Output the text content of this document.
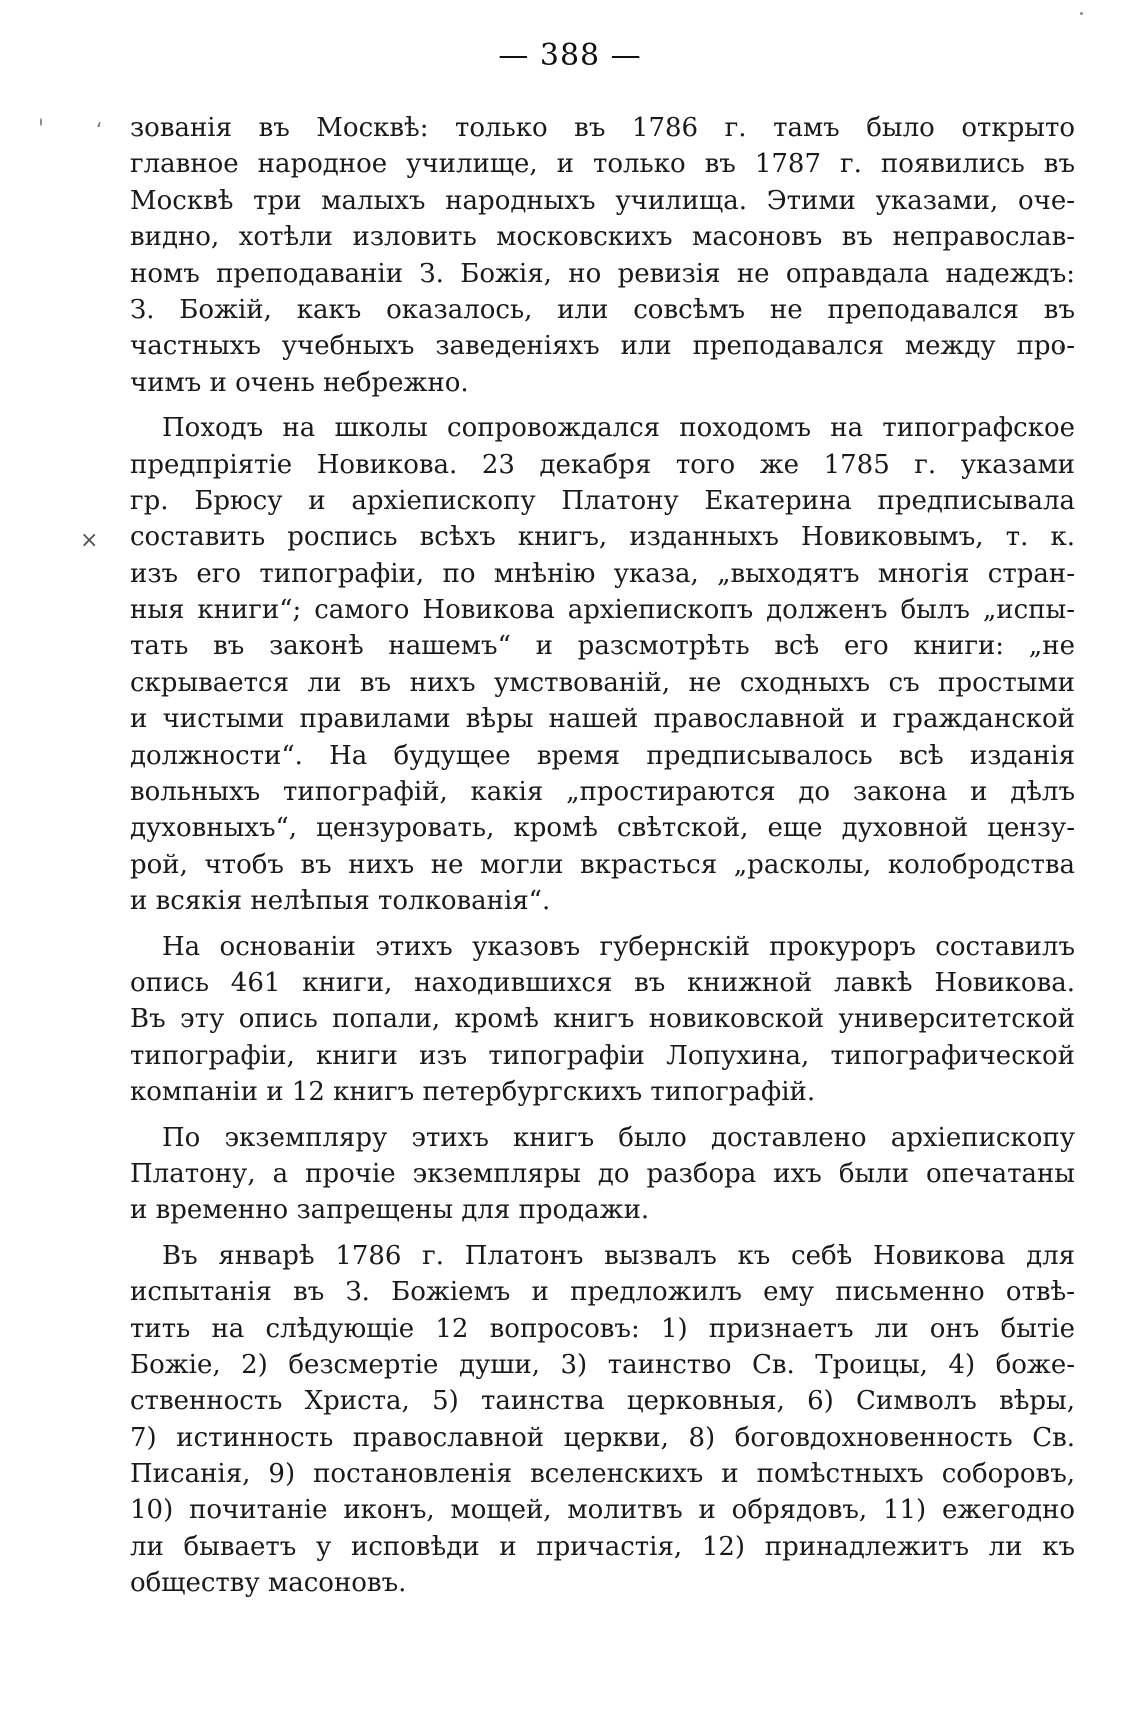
— 388 —
ʻ
×
зованія въ Москвѣ: только въ 1786 г. тамъ было открыто
главное народное училище, и только въ 1787 г. появились въ
Москвѣ три малыхъ народныхъ училища. Этими указами, оче-
видно, хотѣли изловить московскихъ масоновъ въ неправослав-
номъ преподаваніи З. Божія, но ревизія не оправдала надеждъ:
З. Божій, какъ оказалось, или совсѣмъ не преподавался въ
частныхъ учебныхъ заведеніяхъ или преподавался между про-
чимъ и очень небрежно.
Походъ на школы сопровождался походомъ на типографское
предпріятіе Новикова. 23 декабря того же 1785 г. указами
гр. Брюсу и архіепископу Платону Екатерина предписывала
составить роспись всѣхъ книгъ, изданныхъ Новиковымъ, т. к.
изъ его типографіи, по мнѣнію указа, „выходятъ многія стран-
ныя книги“; самого Новикова архіепископъ долженъ былъ „испы-
тать въ законѣ нашемъ“ и разсмотрѣть всѣ его книги: „не
скрывается ли въ нихъ умствованій, не сходныхъ съ простыми
и чистыми правилами вѣры нашей православной и гражданской
должности“. На будущее время предписывалось всѣ изданія
вольныхъ типографій, какія „простираются до закона и дѣлъ
духовныхъ“, цензуровать, кромѣ свѣтской, еще духовной цензу-
рой, чтобъ въ нихъ не могли вкрасться „расколы, колобродства
и всякія нелѣпыя толкованія“.
На основаніи этихъ указовъ губернскій прокуроръ составилъ
опись 461 книги, находившихся въ книжной лавкѣ Новикова.
Въ эту опись попали, кромѣ книгъ новиковской университетской
типографіи, книги изъ типографіи Лопухина, типографической
компаніи и 12 книгъ петербургскихъ типографій.
По экземпляру этихъ книгъ было доставлено архіепископу
Платону, а прочіе экземпляры до разбора ихъ были опечатаны
и временно запрещены для продажи.
Въ январѣ 1786 г. Платонъ вызвалъ къ себѣ Новикова для
испытанія въ З. Божіемъ и предложилъ ему письменно отвѣ-
тить на слѣдующіе 12 вопросовъ: 1) признаетъ ли онъ бытіе
Божіе, 2) безсмертіе души, 3) таинство Св. Троицы, 4) боже-
ственность Христа, 5) таинства церковныя, 6) Символъ вѣры,
7) истинность православной церкви, 8) боговдохновенность Св.
Писанія, 9) постановленія вселенскихъ и помѣстныхъ соборовъ,
10) почитаніе иконъ, мощей, молитвъ и обрядовъ, 11) ежегодно
ли бываетъ у исповѣди и причастія, 12) принадлежитъ ли къ
обществу масоновъ.
